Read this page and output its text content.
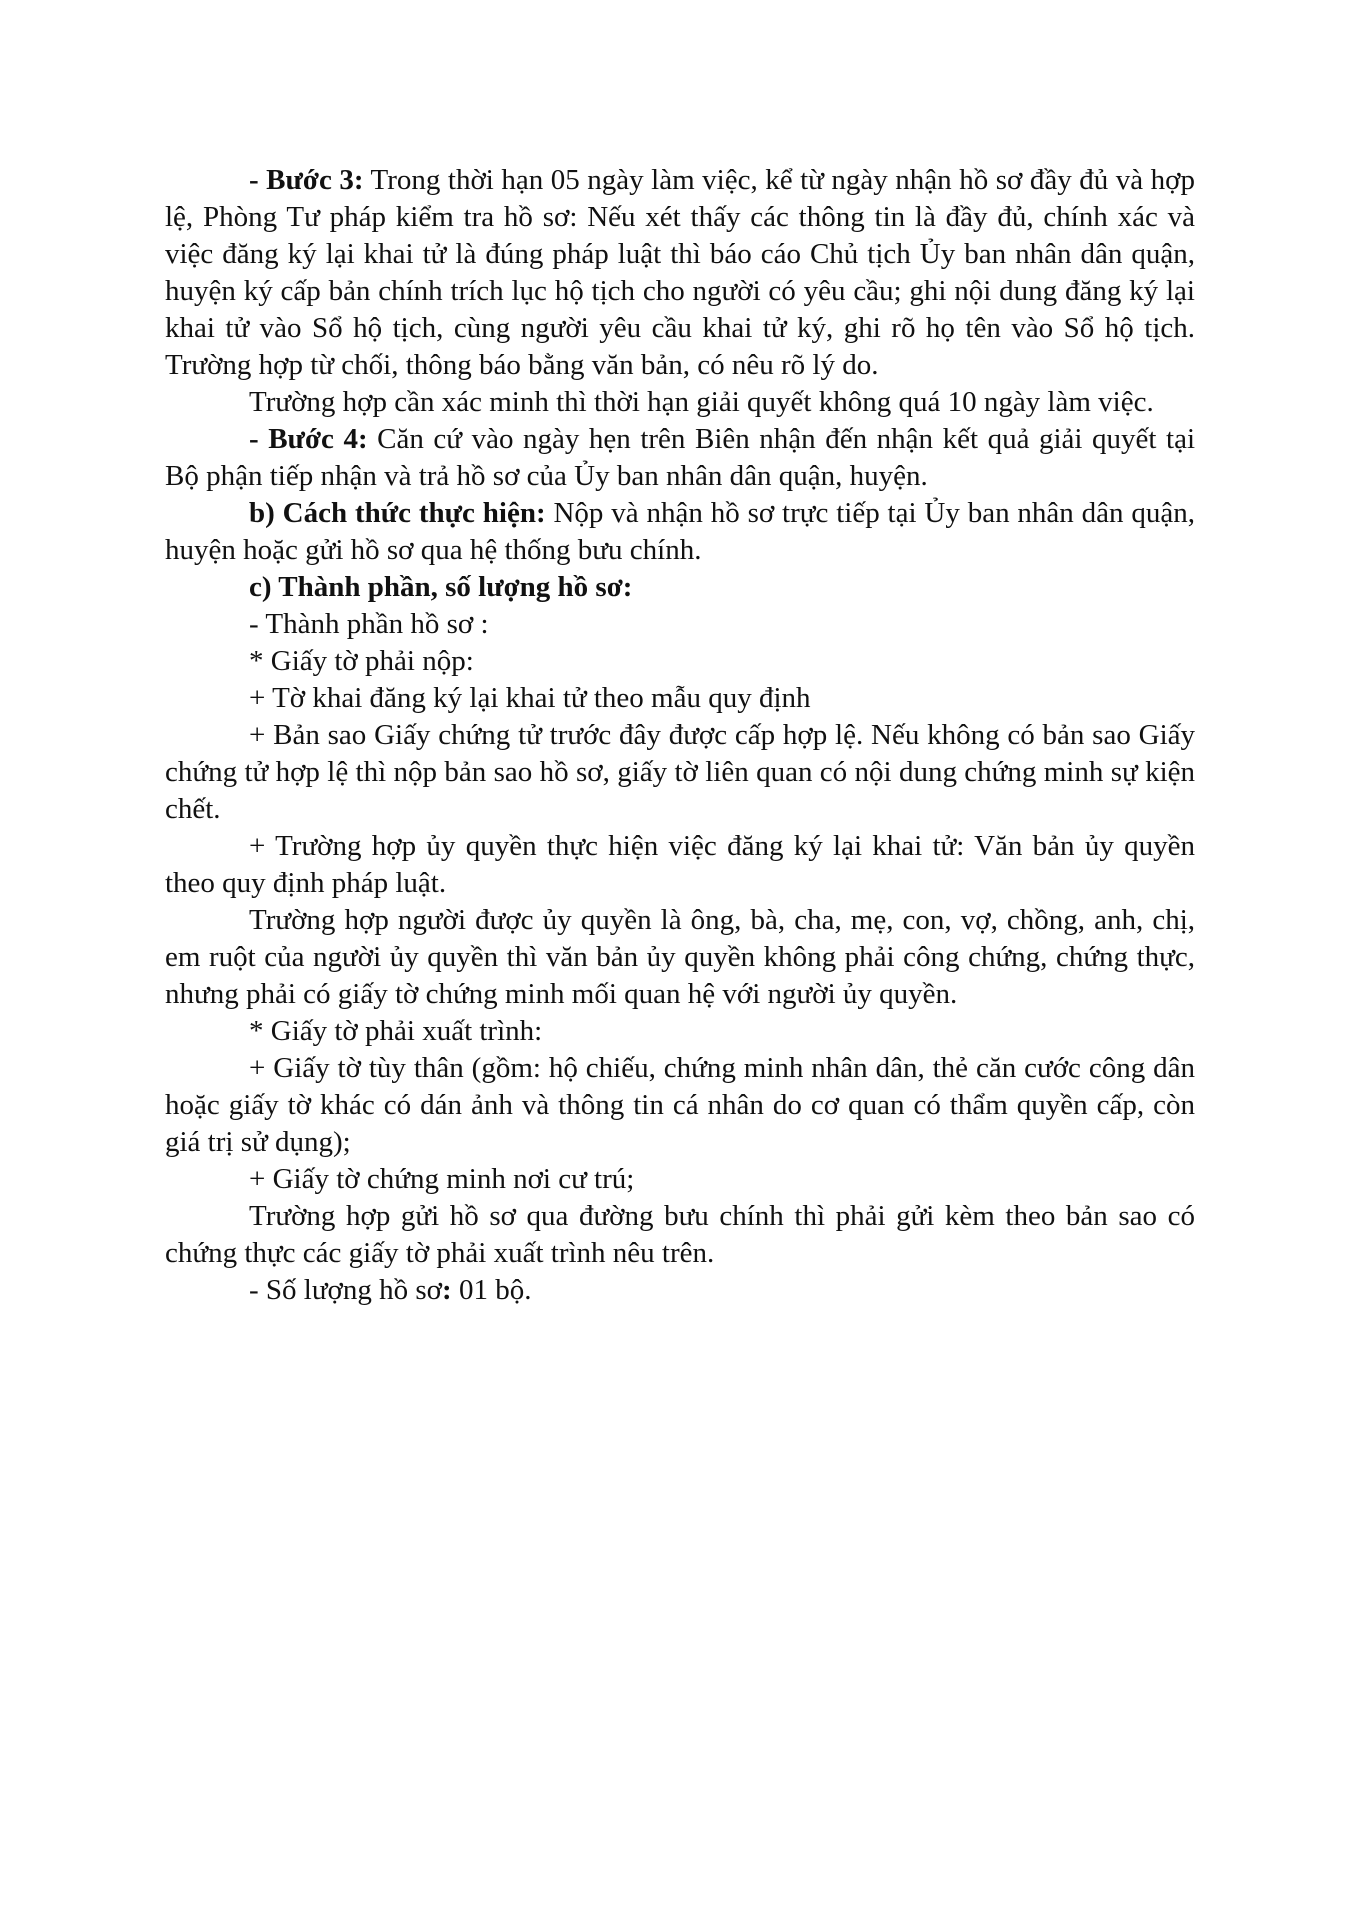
- Bước 3: Trong thời hạn 05 ngày làm việc, kể từ ngày nhận hồ sơ đầy đủ và hợp lệ, Phòng Tư pháp kiểm tra hồ sơ: Nếu xét thấy các thông tin là đầy đủ, chính xác và việc đăng ký lại khai tử là đúng pháp luật thì báo cáo Chủ tịch Ủy ban nhân dân quận, huyện ký cấp bản chính trích lục hộ tịch cho người có yêu cầu; ghi nội dung đăng ký lại khai tử vào Sổ hộ tịch, cùng người yêu cầu khai tử ký, ghi rõ họ tên vào Sổ hộ tịch. Trường hợp từ chối, thông báo bằng văn bản, có nêu rõ lý do.

Trường hợp cần xác minh thì thời hạn giải quyết không quá 10 ngày làm việc.

- Bước 4: Căn cứ vào ngày hẹn trên Biên nhận đến nhận kết quả giải quyết tại Bộ phận tiếp nhận và trả hồ sơ của Ủy ban nhân dân quận, huyện.

b) Cách thức thực hiện: Nộp và nhận hồ sơ trực tiếp tại Ủy ban nhân dân quận, huyện hoặc gửi hồ sơ qua hệ thống bưu chính.

c) Thành phần, số lượng hồ sơ:

- Thành phần hồ sơ :

* Giấy tờ phải nộp:

+ Tờ khai đăng ký lại khai tử theo mẫu quy định

+ Bản sao Giấy chứng tử trước đây được cấp hợp lệ. Nếu không có bản sao Giấy chứng tử hợp lệ thì nộp bản sao hồ sơ, giấy tờ liên quan có nội dung chứng minh sự kiện chết.

+ Trường hợp ủy quyền thực hiện việc đăng ký lại khai tử: Văn bản ủy quyền theo quy định pháp luật.

Trường hợp người được ủy quyền là ông, bà, cha, mẹ, con, vợ, chồng, anh, chị, em ruột của người ủy quyền thì văn bản ủy quyền không phải công chứng, chứng thực, nhưng phải có giấy tờ chứng minh mối quan hệ với người ủy quyền.

* Giấy tờ phải xuất trình:

+ Giấy tờ tùy thân (gồm: hộ chiếu, chứng minh nhân dân, thẻ căn cước công dân hoặc giấy tờ khác có dán ảnh và thông tin cá nhân do cơ quan có thẩm quyền cấp, còn giá trị sử dụng);

+ Giấy tờ chứng minh nơi cư trú;

Trường hợp gửi hồ sơ qua đường bưu chính thì phải gửi kèm theo bản sao có chứng thực các giấy tờ phải xuất trình nêu trên.

- Số lượng hồ sơ: 01 bộ.
